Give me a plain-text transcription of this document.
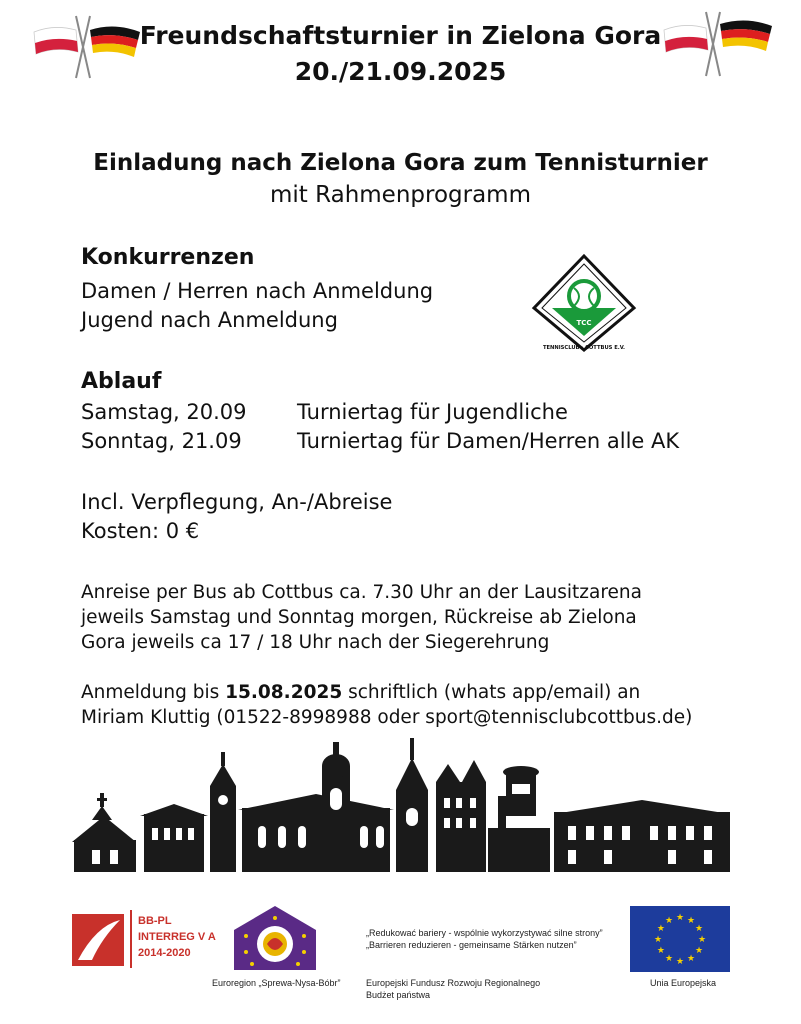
Freundschaftsturnier in Zielona Gora
20./21.09.2025
Einladung nach Zielona Gora zum Tennisturnier
mit Rahmenprogramm
Konkurrenzen
Damen / Herren nach Anmeldung
Jugend nach Anmeldung	TCC
TENNISCLUB · COTTBUS E.V.
Ablauf
Samstag, 20.09 Turniertag für Jugendliche
Sonntag, 21.09	Turniertag für Damen/Herren alle AK
Incl. Verpflegung, An-/Abreise
Kosten: 0 €
Anreise per Bus ab Cottbus ca. 7.30 Uhr an der Lausitzarena
jeweils Samstag und Sonntag morgen, Rückreise ab Zielona
Gora jeweils ca 17 / 18 Uhr nach der Siegerehrung
Anmeldung bis 15.08.2025 schriftlich (whats app/email) an
Miriam Kluttig (01522-8998988 oder sport@tennisclubcottbus.de)
BB-PL
INTERREG V A
2014-2020
Euroregion „Sprewa-Nysa-Bóbr”
„Redukować bariery - wspólnie wykorzystywać silne strony”
„Barrieren reduzieren - gemeinsame Stärken nutzen”
Europejski Fundusz Rozwoju Regionalnego
Budżet państwa
★
★
★
★
★
★
★
★
★ ★ ★
★
Unia Europejska
